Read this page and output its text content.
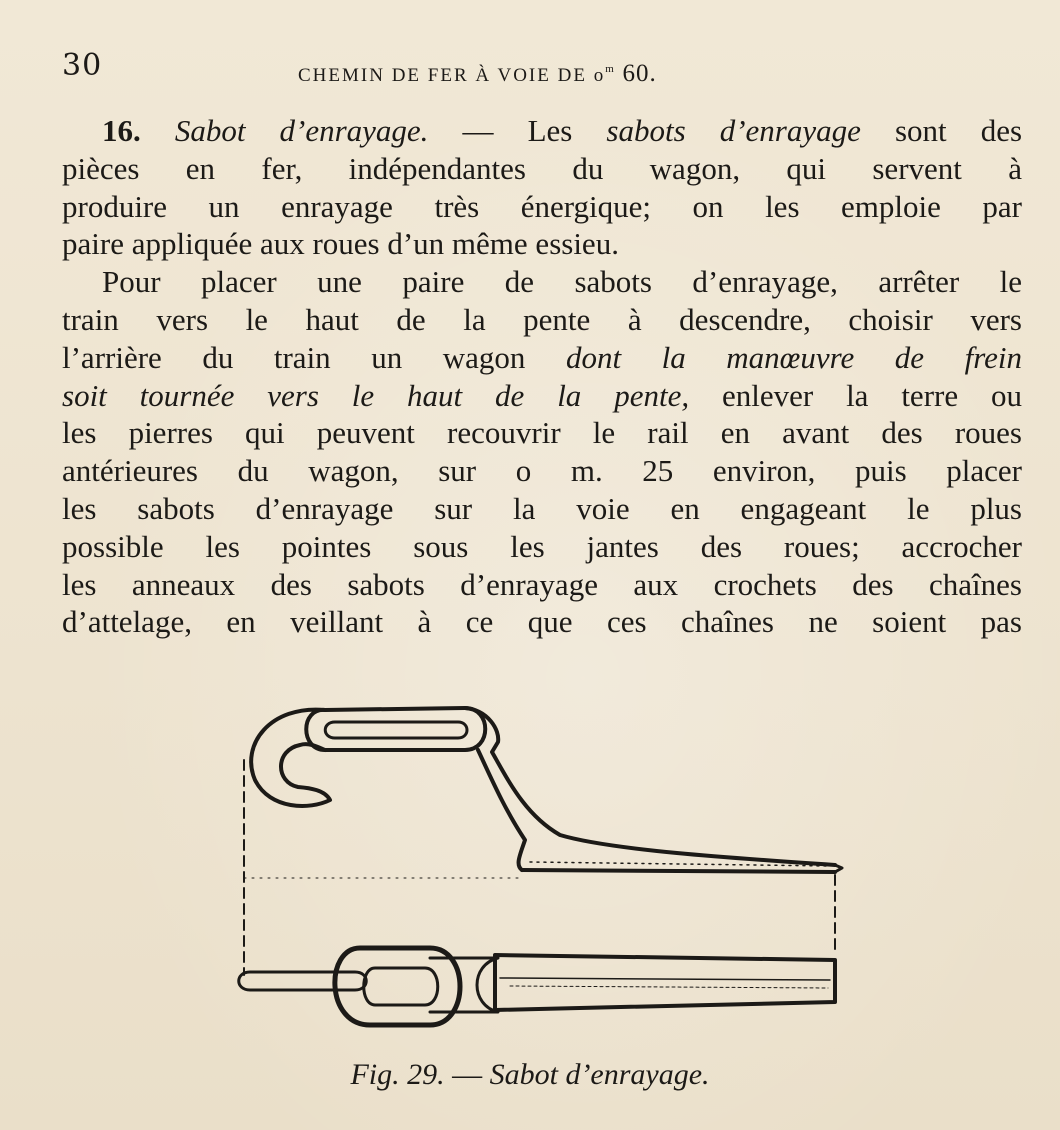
30	CHEMIN DE FER À VOIE DE $o^m$ 60.
16. Sabot d’enrayage. — Les sabots d’enrayage sont des
pièces en fer, indépendantes du wagon, qui servent à
produire un enrayage très énergique; on les emploie par
paire appliquée aux roues d’un même essieu.
Pour placer une paire de sabots d’enrayage, arrêter le
train vers le haut de la pente à descendre, choisir vers
l’arrière du train un wagon dont la manœuvre de frein
soit tournée vers le haut de la pente, enlever la terre ou
les pierres qui peuvent recouvrir le rail en avant des roues
antérieures du wagon, sur o m. 25 environ, puis placer
les sabots d’enrayage sur la voie en engageant le plus
possible les pointes sous les jantes des roues; accrocher
les anneaux des sabots d’enrayage aux crochets des chaînes
d’attelage, en veillant à ce que ces chaînes ne soient pas
Fig. 29. — Sabot d’enrayage.
